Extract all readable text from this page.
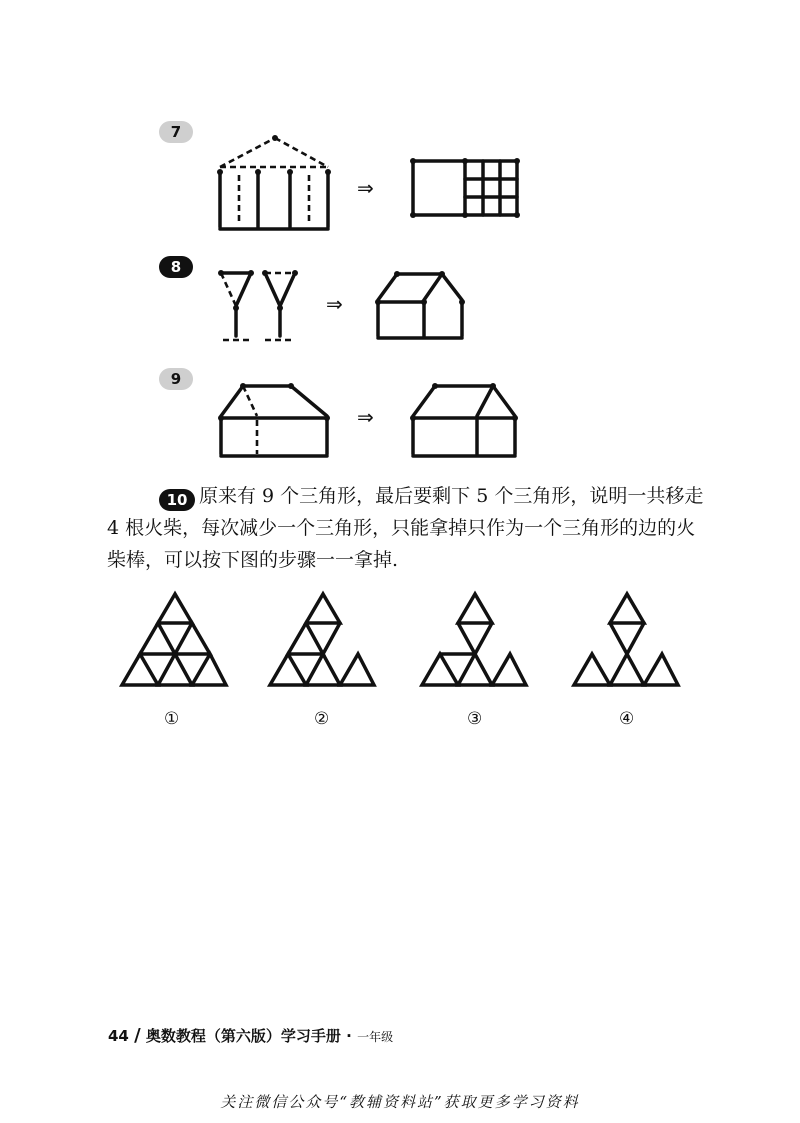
7
⇒
8
⇒
9
⇒
10 原来有 9 个三角形，最后要剩下 5 个三角形，说明一共移走 4 根火柴，每次减少一个三角形，只能拿掉只作为一个三角形的边的火柴棒，可以按下图的步骤一一拿掉.
①	②	③	④
44 / 奥数教程（第六版）学习手册 · 一年级
关注微信公众号“教辅资料站”获取更多学习资料
